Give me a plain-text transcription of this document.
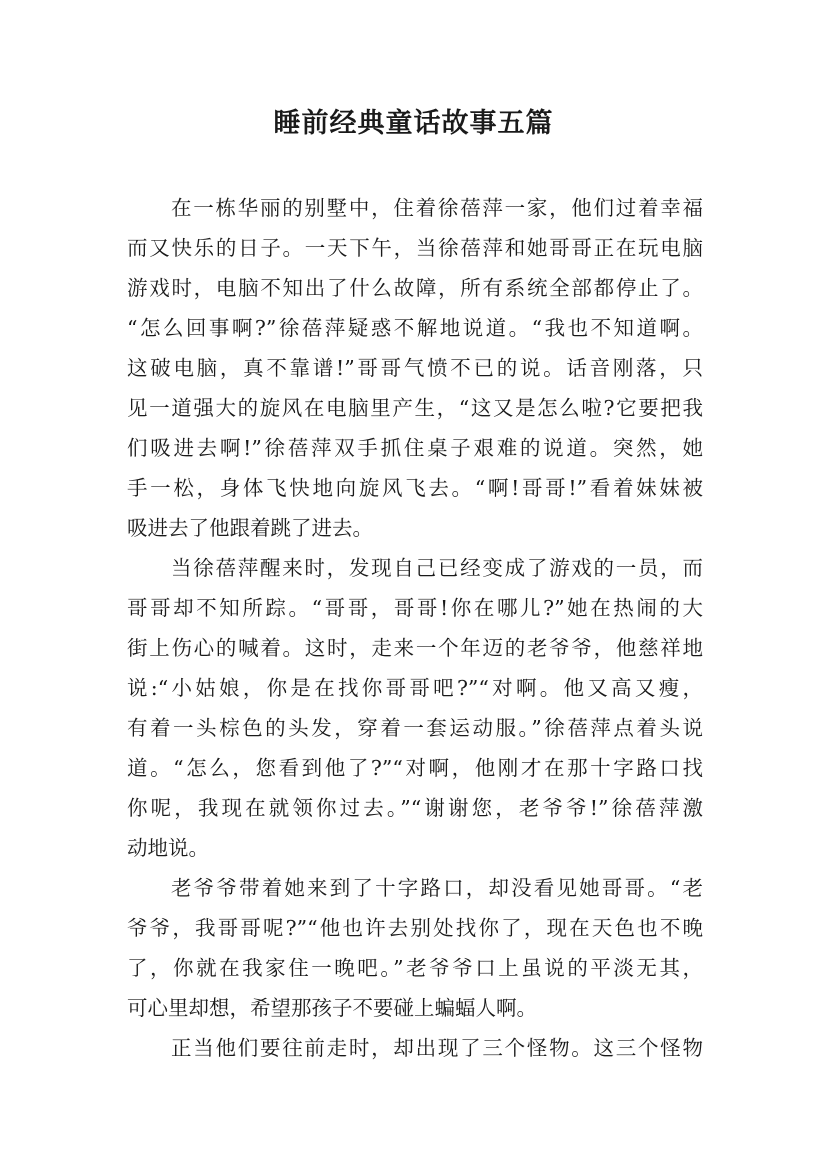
睡前经典童话故事五篇
在一栋华丽的别墅中，住着徐蓓萍一家，他们过着幸福
而又快乐的日子。一天下午，当徐蓓萍和她哥哥正在玩电脑
游戏时，电脑不知出了什么故障，所有系统全部都停止了。
“怎么回事啊?”徐蓓萍疑惑不解地说道。“我也不知道啊。
这破电脑，真不靠谱!”哥哥气愤不已的说。话音刚落，只
见一道强大的旋风在电脑里产生，“这又是怎么啦?它要把我
们吸进去啊!”徐蓓萍双手抓住桌子艰难的说道。突然，她
手一松，身体飞快地向旋风飞去。“啊!哥哥!”看着妹妹被
吸进去了他跟着跳了进去。
当徐蓓萍醒来时，发现自己已经变成了游戏的一员，而
哥哥却不知所踪。“哥哥，哥哥!你在哪儿?”她在热闹的大
街上伤心的喊着。这时，走来一个年迈的老爷爷，他慈祥地
说:“小姑娘，你是在找你哥哥吧?”“对啊。他又高又瘦，
有着一头棕色的头发，穿着一套运动服。”徐蓓萍点着头说
道。“怎么，您看到他了?”“对啊，他刚才在那十字路口找
你呢，我现在就领你过去。”“谢谢您，老爷爷!”徐蓓萍激
动地说。
老爷爷带着她来到了十字路口，却没看见她哥哥。“老
爷爷，我哥哥呢?”“他也许去别处找你了，现在天色也不晚
了，你就在我家住一晚吧。”老爷爷口上虽说的平淡无其，
可心里却想，希望那孩子不要碰上蝙蝠人啊。
正当他们要往前走时，却出现了三个怪物。这三个怪物
